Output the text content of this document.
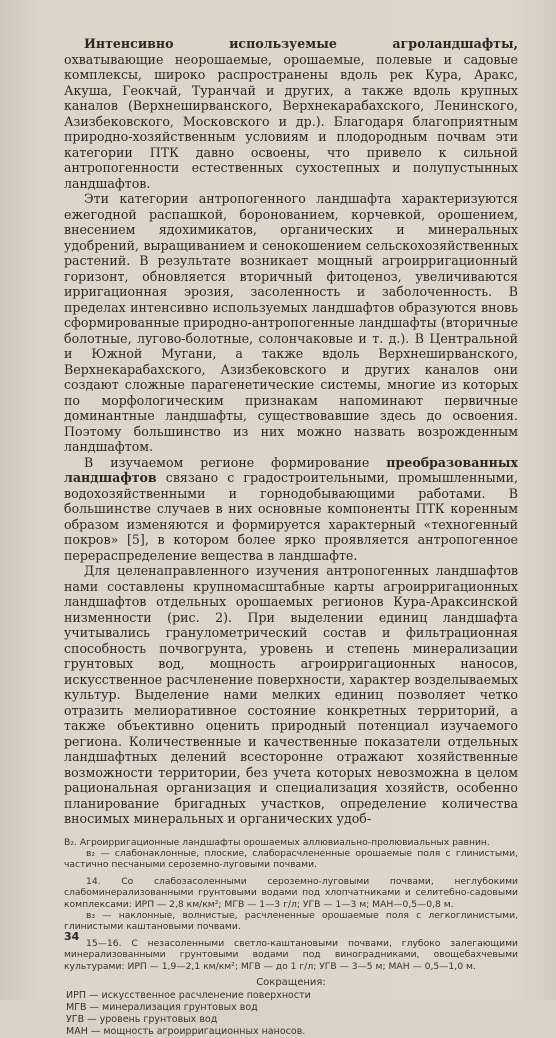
Интенсивно используемые агроландшафты, охватывающие неорошаемые, орошаемые, полевые и садовые комплексы, широко распространены вдоль рек Кура, Аракс, Акуша, Геокчай, Туранчай и других, а также вдоль крупных каналов (Верхнеширванского, Верхнекарабахского, Ленинского, Азизбековского, Московского и др.). Благодаря благоприятным природно-хозяйственным условиям и плодородным почвам эти категории ПТК давно освоены, что привело к сильной антропогенности естественных сухостепных и полупустынных ландшафтов.

Эти категории антропогенного ландшафта характеризуются ежегодной распашкой, боронованием, корчевкой, орошением, внесением ядохимикатов, органических и минеральных удобрений, выращиванием и сенокошением сельскохозяйственных растений. В результате возникает мощный агроирригационный горизонт, обновляется вторичный фитоценоз, увеличиваются ирригационная эрозия, засоленность и заболоченность. В пределах интенсивно используемых ландшафтов образуются вновь сформированные природно-антропогенные ландшафты (вторичные болотные, лугово-болотные, солончаковые и т. д.). В Центральной и Южной Мугани, а также вдоль Верхнеширванского, Верхнекарабахского, Азизбековского и других каналов они создают сложные парагенетические системы, многие из которых по морфологическим признакам напоминают первичные доминантные ландшафты, существовавшие здесь до освоения. Поэтому большинство из них можно назвать возрожденным ландшафтом.

В изучаемом регионе формирование преобразованных ландшафтов связано с градостроительными, промышленными, водохозяйственными и горнодобывающими работами. В большинстве случаев в них основные компоненты ПТК коренным образом изменяются и формируется характерный «техногенный покров» [5], в котором более ярко проявляется антропогенное перераспределение вещества в ландшафте.

Для целенаправленного изучения антропогенных ландшафтов нами составлены крупномасштабные карты агроирригационных ландшафтов отдельных орошаемых регионов Кура-Араксинской низменности (рис. 2). При выделении единиц ландшафта учитывались гранулометрический состав и фильтрационная способность почвогрунта, уровень и степень минерализации грунтовых вод, мощность агроирригационных наносов, искусственное расчленение поверхности, характер возделываемых культур. Выделение нами мелких единиц позволяет четко отразить мелиоративное состояние конкретных территорий, а также объективно оценить природный потенциал изучаемого региона. Количественные и качественные показатели отдельных ландшафтных делений всесторонне отражают хозяйственные возможности территории, без учета которых невозможна в целом рациональная организация и специализация хозяйств, особенно планирование бригадных участков, определение количества вносимых минеральных и органических удоб-

В₂. Агроирригационные ландшафты орошаемых аллювиально-пролювиальных равнин.

в₂ — слабонаклонные, плоские, слабораcчлененные орошаемые поля с глинистыми, частично песчаными сероземно-луговыми почвами.

14. Со слабозасоленными сероземно-луговыми почвами, неглубокими слабоминерализованными грунтовыми водами под хлопчатниками и селитебно-садовыми комплексами: ИРП — 2,8 км/км²; МГВ — 1—3 г/л; УГВ — 1—3 м; МАН—0,5—0,8 м.

в₃ — наклонные, волнистые, расчлененные орошаемые поля с легкоглинистыми, глинистыми каштановыми почвами.

15—16. С незасоленными светло-каштановыми почвами, глубоко залегающими минерализованными грунтовыми водами под виноградниками, овощебахчевыми культурами: ИРП — 1,9—2,1 км/км²; МГВ — до 1 г/л; УГВ — 3—5 м; МАН — 0,5—1,0 м.

Сокращения:

ИРП — искусственное расчленение поверхности

МГВ — минерализация грунтовых вод

УГВ — уровень грунтовых вод

МАН — мощность агроирригационных наносов.

34
